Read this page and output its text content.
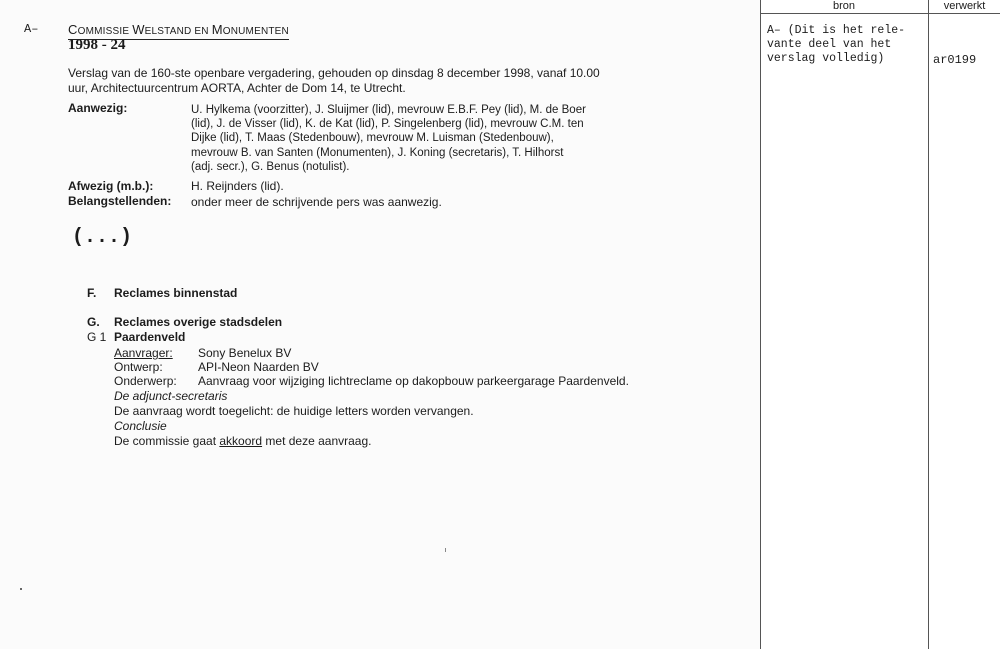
A– COMMISSIE WELSTAND EN MONUMENTEN
1998 - 24
Verslag van de 160-ste openbare vergadering, gehouden op dinsdag 8 december 1998, vanaf 10.00
uur, Architectuurcentrum AORTA, Achter de Dom 14, te Utrecht.
Aanwezig:	U. Hylkema (voorzitter), J. Sluijmer (lid), mevrouw E.B.F. Pey (lid), M. de Boer
(lid), J. de Visser (lid), K. de Kat (lid), P. Singelenberg (lid), mevrouw C.M. ten
Dijke (lid), T. Maas (Stedenbouw), mevrouw M. Luisman (Stedenbouw),
mevrouw B. van Santen (Monumenten), J. Koning (secretaris), T. Hilhorst
(adj. secr.), G. Benus (notulist).
Afwezig (m.b.):	H. Reijnders (lid).
Belangstellenden: onder meer de schrijvende pers was aanwezig.
(...)
F. Reclames binnenstad
G. Reclames overige stadsdelen
G 1 Paardenveld
Aanvrager: Sony Benelux BV
Ontwerp:	API-Neon Naarden BV
Onderwerp: Aanvraag voor wijziging lichtreclame op dakopbouw parkeergarage Paardenveld.
De adjunct-secretaris
De aanvraag wordt toegelicht: de huidige letters worden vervangen.
Conclusie
De commissie gaat akkoord met deze aanvraag.
bron	verwerkt
A– (Dit is het rele-
vante deel van het
verslag volledig)	ar0199
